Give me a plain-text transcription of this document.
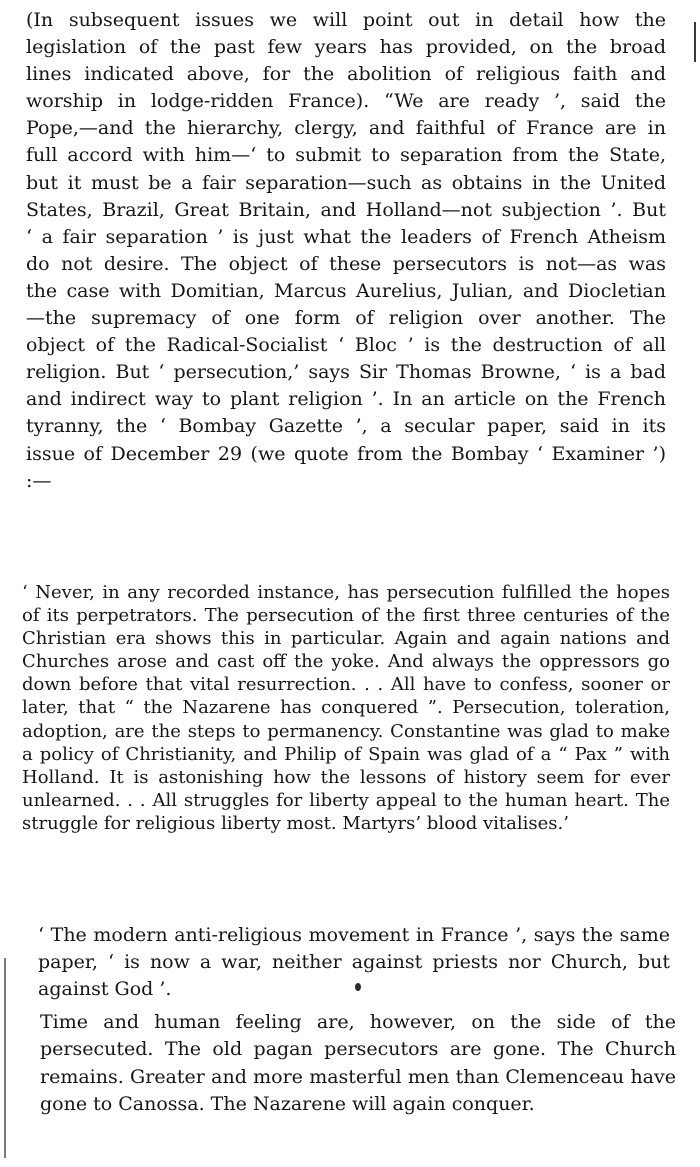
(In subsequent issues we will point out in detail how the legislation of the past few years has provided, on the broad lines indicated above, for the abolition of religious faith and worship in lodge-ridden France). “We are ready ’, said the Pope,—and the hierarchy, clergy, and faithful of France are in full accord with him—‘ to submit to separation from the State, but it must be a fair separation—such as obtains in the United States, Brazil, Great Britain, and Holland—not subjection ’. But ‘ a fair separation ’ is just what the leaders of French Atheism do not desire. The object of these persecutors is not—as was the case with Domitian, Marcus Aurelius, Julian, and Diocletian—the supremacy of one form of religion over another. The object of the Radical-Socialist ‘ Bloc ’ is the destruction of all religion. But ‘ persecution,’ says Sir Thomas Browne, ‘ is a bad and indirect way to plant religion ’. In an article on the French tyranny, the ‘ Bombay Gazette ’, a secular paper, said in its issue of December 29 (we quote from the Bombay ‘ Examiner ’) :—

‘ Never, in any recorded instance, has persecution fulfilled the hopes of its perpetrators. The persecution of the first three centuries of the Christian era shows this in particular. Again and again nations and Churches arose and cast off the yoke. And always the oppressors go down before that vital resurrection. . . All have to confess, sooner or later, that “ the Nazarene has conquered ”. Persecution, toleration, adoption, are the steps to permanency. Constantine was glad to make a policy of Christianity, and Philip of Spain was glad of a “ Pax ” with Holland. It is astonishing how the lessons of history seem for ever unlearned. . . All struggles for liberty appeal to the human heart. The struggle for religious liberty most. Martyrs’ blood vitalises.’

‘ The modern anti-religious movement in France ’, says the same paper, ‘ is now a war, neither against priests nor Church, but against God ’.

Time and human feeling are, however, on the side of the persecuted. The old pagan persecutors are gone. The Church remains. Greater and more masterful men than Clemenceau have gone to Canossa. The Nazarene will again conquer.
